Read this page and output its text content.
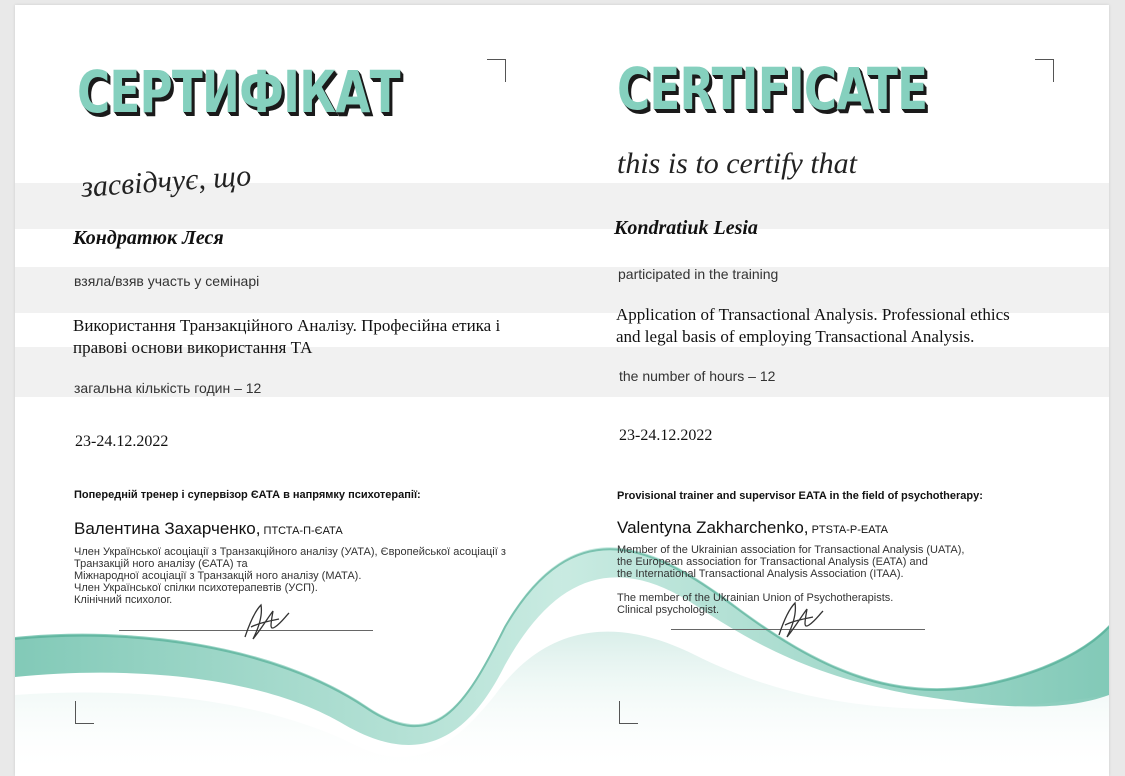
СЕРТИФІКАТ
засвідчує, що
Кондратюк Леся
взяла/взяв участь у семінарі
Використання Транзакційного Аналізу. Професійна етика і
правові основи використання ТА
загальна кількість годин – 12
23-24.12.2022
Попередній тренер і супервізор ЄАТА в напрямку психотерапії:
Валентина Захарченко, ПТСТА-П-ЄАТА
Член Української асоціації з Транзакційного аналізу (УАТА), Європейської асоціації з
Транзакцій ного аналізу (ЄАТА) та
Міжнародної асоціації з Транзакцій ного аналізу (МАТА).
Член Української спілки психотерапевтів (УСП).
Клінічний психолог.
CERTIFICATE
this is to certify that
Kondratiuk Lesia
participated in the training
Application of Transactional Analysis. Professional ethics
and legal basis of employing Transactional Analysis.
the number of hours – 12
23-24.12.2022
Provisional trainer and supervisor EATA in the field of psychotherapy:
Valentyna Zakharchenko, PTSTA-P-EATA
Member of the Ukrainian association for Transactional Analysis (UATA),
the European association for Transactional Analysis (EATA) and
the International Transactional Analysis Association (ITAA).

The member of the Ukrainian Union of Psychotherapists.
Clinical psychologist.
